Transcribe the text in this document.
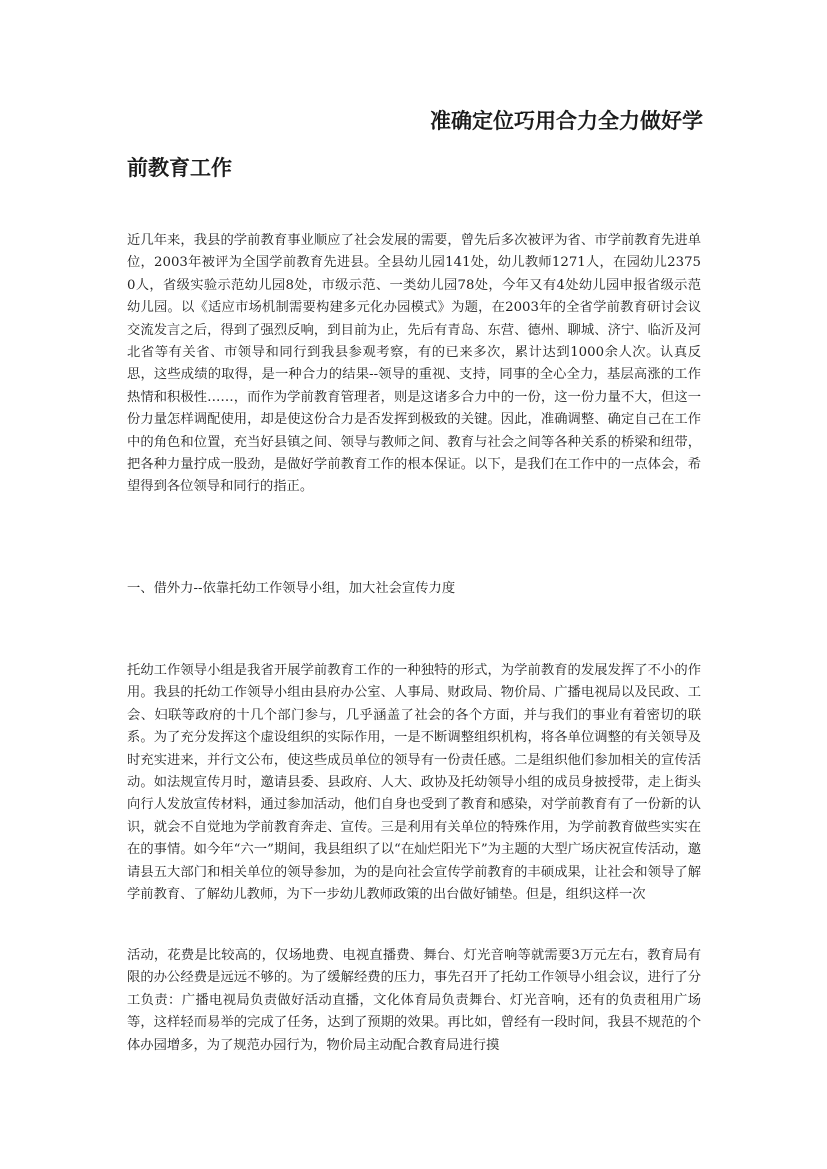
准确定位巧用合力全力做好学
前教育工作

近几年来，我县的学前教育事业顺应了社会发展的需要，曾先后多次被评为省、市学前教育先进单位，2003年被评为全国学前教育先进县。全县幼儿园141处，幼儿教师1271人，在园幼儿23750人，省级实验示范幼儿园8处，市级示范、一类幼儿园78处，今年又有4处幼儿园申报省级示范幼儿园。以《适应市场机制需要构建多元化办园模式》为题，在2003年的全省学前教育研讨会议交流发言之后，得到了强烈反响，到目前为止，先后有青岛、东营、德州、聊城、济宁、临沂及河北省等有关省、市领导和同行到我县参观考察，有的已来多次，累计达到1000余人次。认真反思，这些成绩的取得，是一种合力的结果--领导的重视、支持，同事的全心全力，基层高涨的工作热情和积极性……，而作为学前教育管理者，则是这诸多合力中的一份，这一份力量不大，但这一份力量怎样调配使用，却是使这份合力是否发挥到极致的关键。因此，准确调整、确定自己在工作中的角色和位置，充当好县镇之间、领导与教师之间、教育与社会之间等各种关系的桥梁和纽带，把各种力量拧成一股劲，是做好学前教育工作的根本保证。以下，是我们在工作中的一点体会，希望得到各位领导和同行的指正。

一、借外力--依靠托幼工作领导小组，加大社会宣传力度

托幼工作领导小组是我省开展学前教育工作的一种独特的形式，为学前教育的发展发挥了不小的作用。我县的托幼工作领导小组由县府办公室、人事局、财政局、物价局、广播电视局以及民政、工会、妇联等政府的十几个部门参与，几乎涵盖了社会的各个方面，并与我们的事业有着密切的联系。为了充分发挥这个虚设组织的实际作用，一是不断调整组织机构，将各单位调整的有关领导及时充实进来，并行文公布，使这些成员单位的领导有一份责任感。二是组织他们参加相关的宣传活动。如法规宣传月时，邀请县委、县政府、人大、政协及托幼领导小组的成员身披授带，走上街头向行人发放宣传材料，通过参加活动，他们自身也受到了教育和感染，对学前教育有了一份新的认识，就会不自觉地为学前教育奔走、宣传。三是利用有关单位的特殊作用，为学前教育做些实实在在的事情。如今年“六一”期间，我县组织了以“在灿烂阳光下”为主题的大型广场庆祝宣传活动，邀请县五大部门和相关单位的领导参加，为的是向社会宣传学前教育的丰硕成果，让社会和领导了解学前教育、了解幼儿教师，为下一步幼儿教师政策的出台做好铺垫。但是，组织这样一次

活动，花费是比较高的，仅场地费、电视直播费、舞台、灯光音响等就需要3万元左右，教育局有限的办公经费是远远不够的。为了缓解经费的压力，事先召开了托幼工作领导小组会议，进行了分工负责：广播电视局负责做好活动直播，文化体育局负责舞台、灯光音响，还有的负责租用广场等，这样轻而易举的完成了任务，达到了预期的效果。再比如，曾经有一段时间，我县不规范的个体办园增多，为了规范办园行为，物价局主动配合教育局进行摸
